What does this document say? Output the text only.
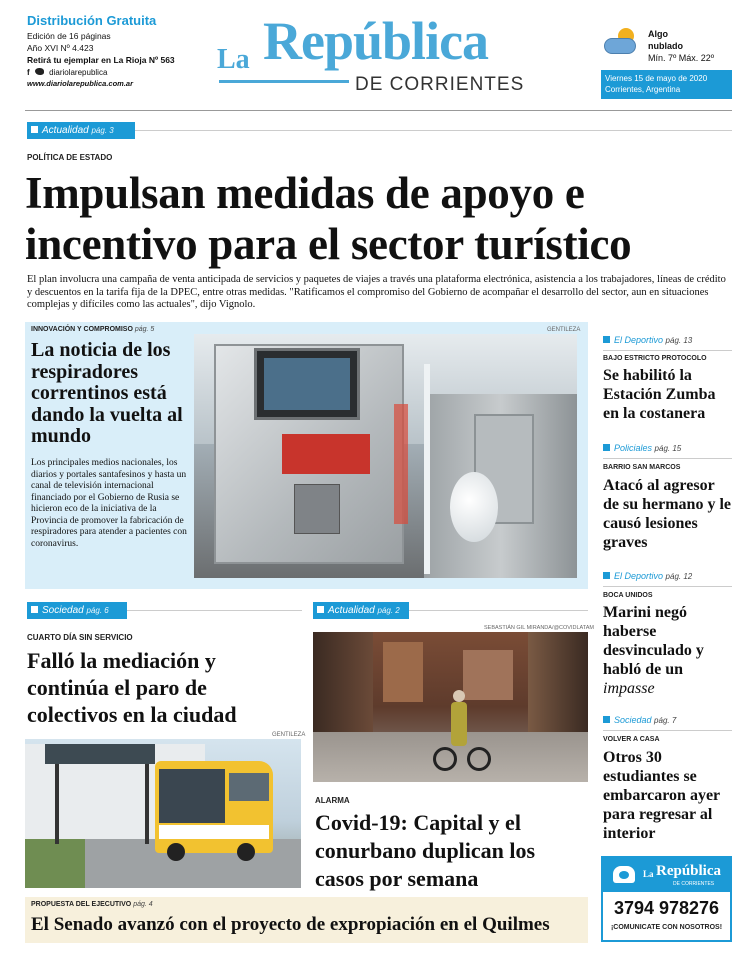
Distribución Gratuita
Edición de 16 páginas
Año XVI Nº 4.423
Retirá tu ejemplar en La Rioja Nº 563
f diariolarepublica
www.diariolarepublica.com.ar
La República
DE CORRIENTES
Algo
nublado
Mín. 7º Máx. 22º
Viernes 15 de mayo de 2020
Corrientes, Argentina
Actualidad pág. 3
POLÍTICA DE ESTADO
Impulsan medidas de apoyo e
incentivo para el sector turístico
El plan involucra una campaña de venta anticipada de servicios y paquetes de viajes a través una plataforma electrónica, asistencia a los trabajadores, líneas de crédito y descuentos en la tarifa fija de la DPEC, entre otras medidas. "Ratificamos el compromiso del Gobierno de acompañar el desarrollo del sector, aun en situaciones complejas y difíciles como las actuales", dijo Vignolo.
INNOVACIÓN Y COMPROMISO pág. 5	GENTILEZA
La noticia de los respiradores correntinos está dando la vuelta al mundo
Los principales medios nacionales, los diarios y portales santafesinos y hasta un canal de televisión internacional financiado por el Gobierno de Rusia se hicieron eco de la iniciativa de la Provincia de promover la fabricación de respiradores para atender a pacientes con coronavirus.
El Deportivo pág. 13
BAJO ESTRICTO PROTOCOLO
Se habilitó la Estación Zumba en la costanera
Policiales pág. 15
BARRIO SAN MARCOS
Atacó al agresor de su hermano y le causó lesiones graves
El Deportivo pág. 12
BOCA UNIDOS
Marini negó haberse desvinculado y habló de un impasse
Sociedad pág. 7
VOLVER A CASA
Otros 30 estudiantes se embarcaron ayer para regresar al interior
Sociedad pág. 6
CUARTO DÍA SIN SERVICIO
Falló la mediación y continúa el paro de colectivos en la ciudad
GENTILEZA
Actualidad pág. 2
SEBASTIÁN GIL MIRANDA/@COVIDLATAM
ALARMA
Covid-19: Capital y el conurbano duplican los casos por semana
PROPUESTA DEL EJECUTIVO pág. 4
El Senado avanzó con el proyecto de expropiación en el Quilmes
La República
DE CORRIENTES
3794 978276
¡COMUNICATE CON NOSOTROS!
